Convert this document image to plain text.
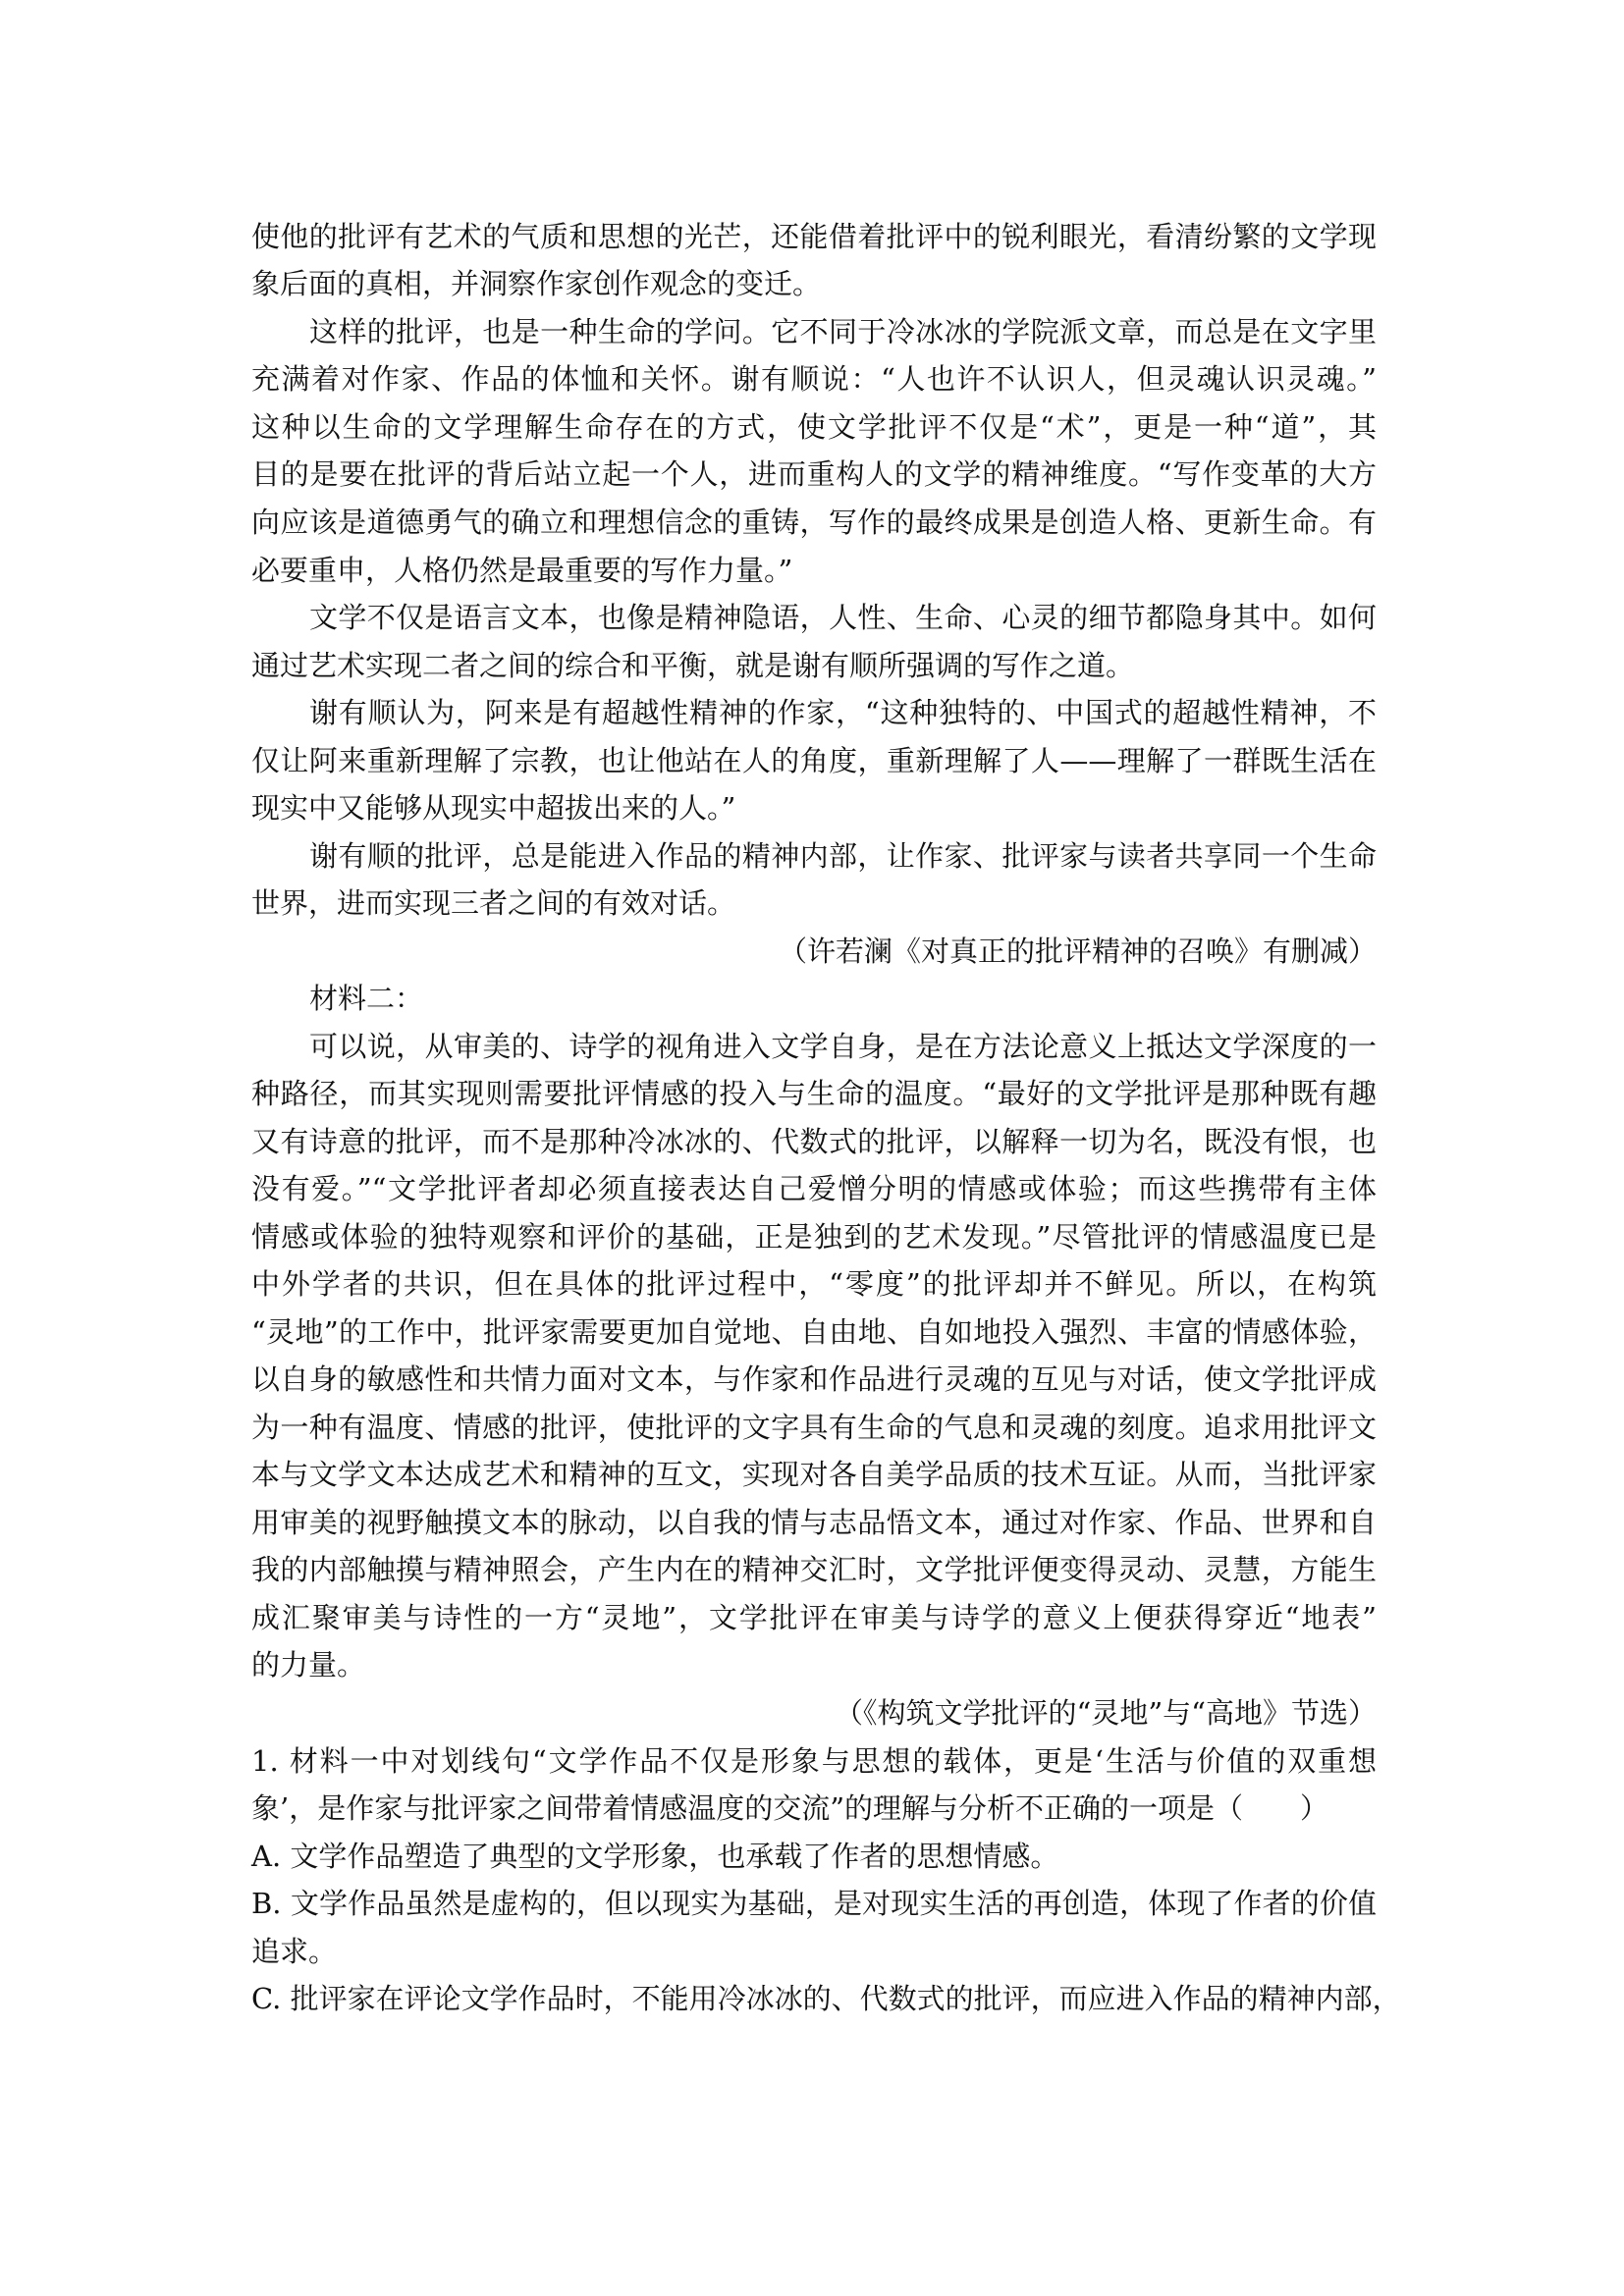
使他的批评有艺术的气质和思想的光芒，还能借着批评中的锐利眼光，看清纷繁的文学现
象后面的真相，并洞察作家创作观念的变迁。
这样的批评，也是一种生命的学问。它不同于冷冰冰的学院派文章，而总是在文字里
充满着对作家、作品的体恤和关怀。谢有顺说：“人也许不认识人，但灵魂认识灵魂。”
这种以生命的文学理解生命存在的方式，使文学批评不仅是“术”，更是一种“道”，其
目的是要在批评的背后站立起一个人，进而重构人的文学的精神维度。“写作变革的大方
向应该是道德勇气的确立和理想信念的重铸，写作的最终成果是创造人格、更新生命。有
必要重申，人格仍然是最重要的写作力量。”
文学不仅是语言文本，也像是精神隐语，人性、生命、心灵的细节都隐身其中。如何
通过艺术实现二者之间的综合和平衡，就是谢有顺所强调的写作之道。
谢有顺认为，阿来是有超越性精神的作家，“这种独特的、中国式的超越性精神，不
仅让阿来重新理解了宗教，也让他站在人的角度，重新理解了人——理解了一群既生活在
现实中又能够从现实中超拔出来的人。”
谢有顺的批评，总是能进入作品的精神内部，让作家、批评家与读者共享同一个生命
世界，进而实现三者之间的有效对话。
（许若澜《对真正的批评精神的召唤》有删减）
材料二：
可以说，从审美的、诗学的视角进入文学自身，是在方法论意义上抵达文学深度的一
种路径，而其实现则需要批评情感的投入与生命的温度。“最好的文学批评是那种既有趣
又有诗意的批评，而不是那种冷冰冰的、代数式的批评，以解释一切为名，既没有恨，也
没有爱。”“文学批评者却必须直接表达自己爱憎分明的情感或体验；而这些携带有主体
情感或体验的独特观察和评价的基础，正是独到的艺术发现。”尽管批评的情感温度已是
中外学者的共识，但在具体的批评过程中，“零度”的批评却并不鲜见。所以，在构筑
“灵地”的工作中，批评家需要更加自觉地、自由地、自如地投入强烈、丰富的情感体验，
以自身的敏感性和共情力面对文本，与作家和作品进行灵魂的互见与对话，使文学批评成
为一种有温度、情感的批评，使批评的文字具有生命的气息和灵魂的刻度。追求用批评文
本与文学文本达成艺术和精神的互文，实现对各自美学品质的技术互证。从而，当批评家
用审美的视野触摸文本的脉动，以自我的情与志品悟文本，通过对作家、作品、世界和自
我的内部触摸与精神照会，产生内在的精神交汇时，文学批评便变得灵动、灵慧，方能生
成汇聚审美与诗性的一方“灵地”，文学批评在审美与诗学的意义上便获得穿近“地表”
的力量。
（《构筑文学批评的“灵地”与“高地》节选）
1. 材料一中对划线句“文学作品不仅是形象与思想的载体，更是‘生活与价值的双重想
象’，是作家与批评家之间带着情感温度的交流”的理解与分析不正确的一项是（　　）
A. 文学作品塑造了典型的文学形象，也承载了作者的思想情感。
B. 文学作品虽然是虚构的，但以现实为基础，是对现实生活的再创造，体现了作者的价值
追求。
C. 批评家在评论文学作品时，不能用冷冰冰的、代数式的批评，而应进入作品的精神内部，
